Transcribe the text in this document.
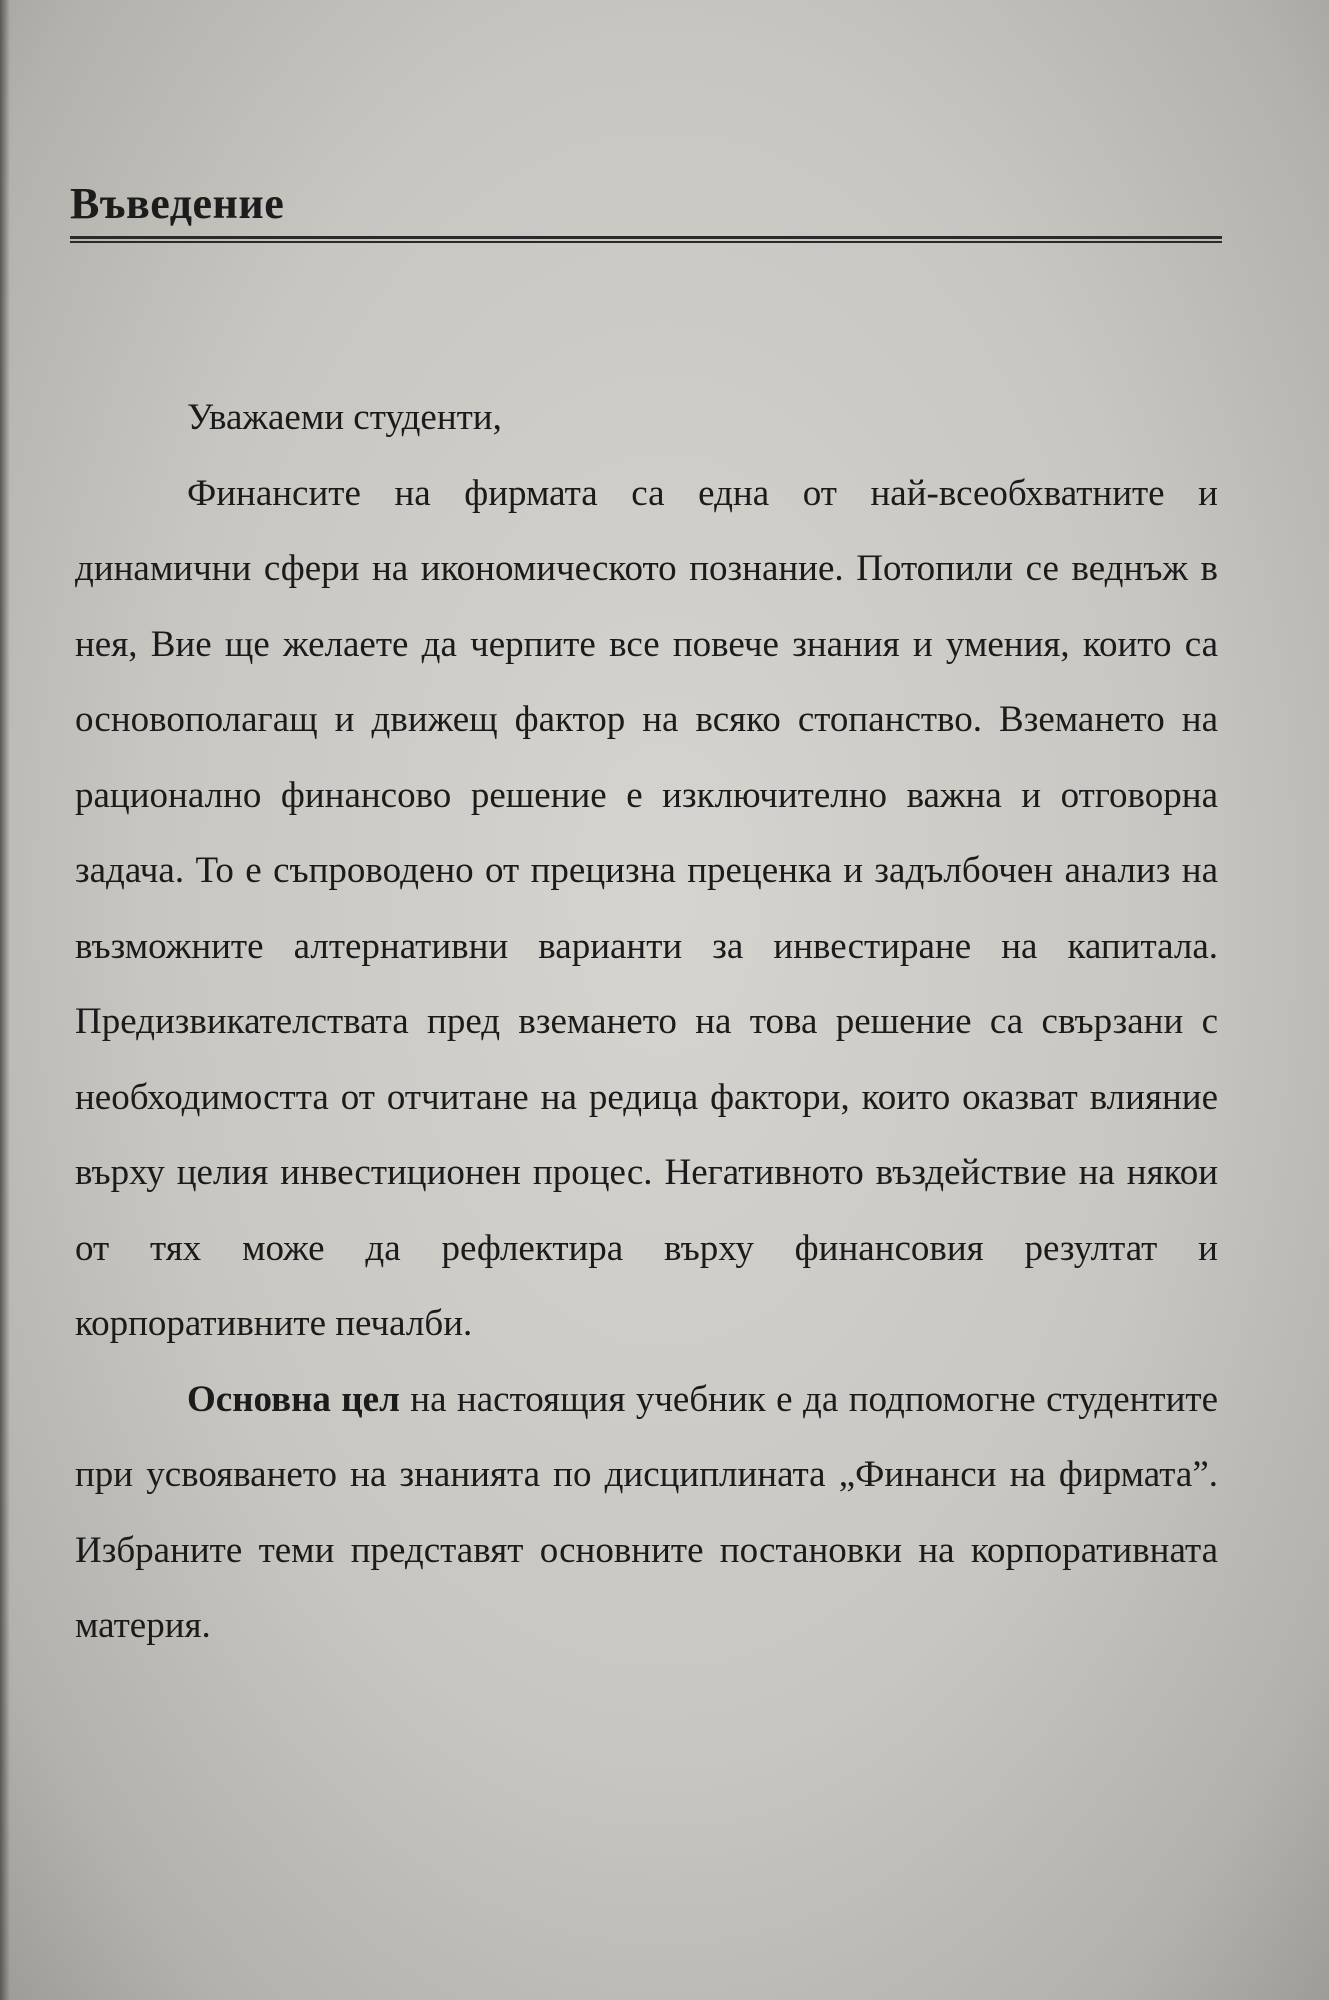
Въведение

Уважаеми студенти,

Финансите на фирмата са една от най-всеобхватните и динамични сфери на икономическото познание. Потопили се веднъж в нея, Вие ще желаете да черпите все повече знания и умения, които са основополагащ и движещ фактор на всяко стопанство. Вземането на рационално финансово решение е изключително важна и отговорна задача. То е съпроводено от прецизна преценка и задълбочен анализ на възможните алтернативни варианти за инвестиране на капитала. Предизвикателствата пред вземането на това решение са свързани с необходимостта от отчитане на редица фактори, които оказват влияние върху целия инвестиционен процес. Негативното въздействие на някои от тях може да рефлектира върху финансовия резултат и корпоративните печалби.

Основна цел на настоящия учебник е да подпомогне студентите при усвояването на знанията по дисциплината „Финанси на фирмата”. Избраните теми представят основните постановки на корпоративната материя.
